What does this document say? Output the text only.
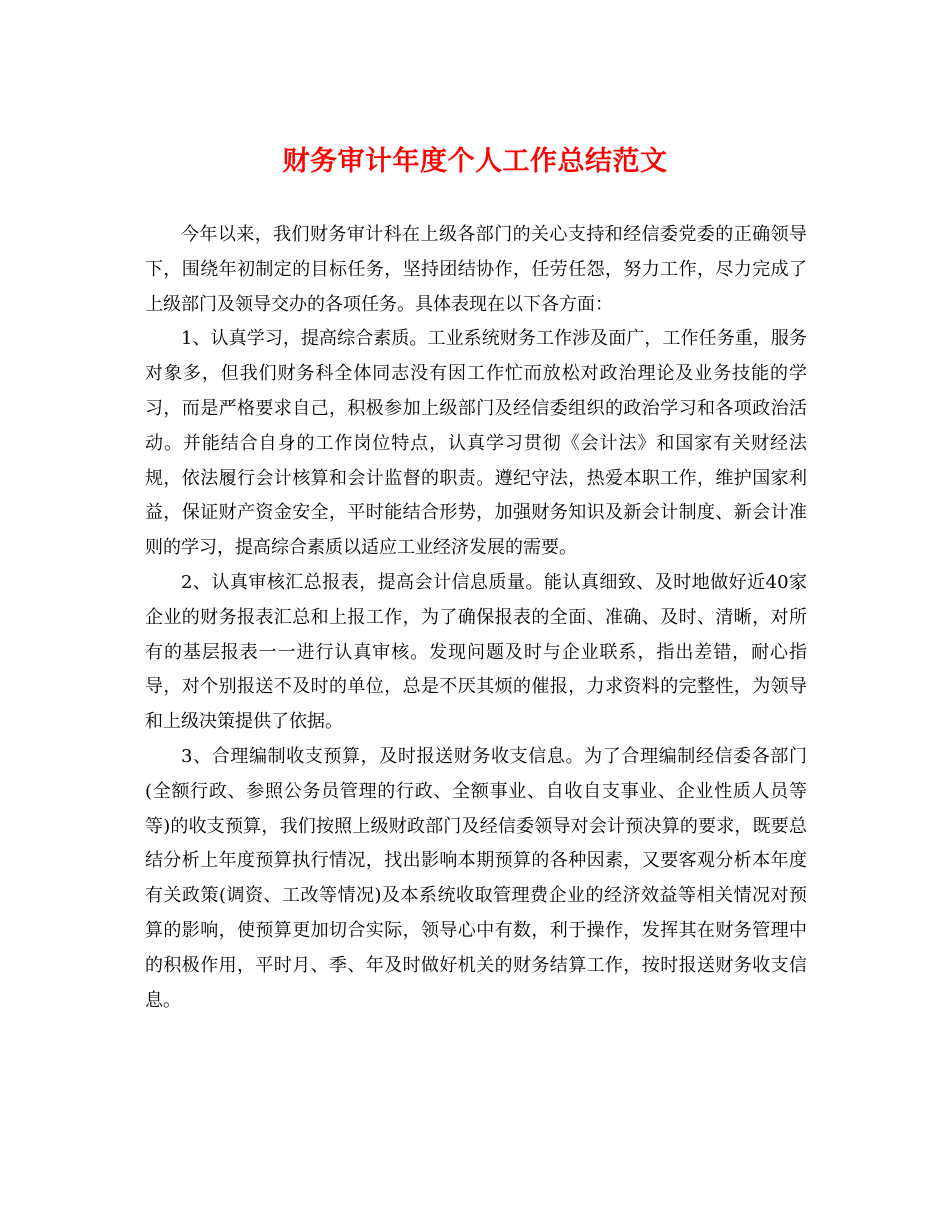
财务审计年度个人工作总结范文

今年以来，我们财务审计科在上级各部门的关心支持和经信委党委的正确领导下，围绕年初制定的目标任务，坚持团结协作，任劳任怨，努力工作，尽力完成了上级部门及领导交办的各项任务。具体表现在以下各方面：

1、认真学习，提高综合素质。工业系统财务工作涉及面广，工作任务重，服务对象多，但我们财务科全体同志没有因工作忙而放松对政治理论及业务技能的学习，而是严格要求自己，积极参加上级部门及经信委组织的政治学习和各项政治活动。并能结合自身的工作岗位特点，认真学习贯彻《会计法》和国家有关财经法规，依法履行会计核算和会计监督的职责。遵纪守法，热爱本职工作，维护国家利益，保证财产资金安全，平时能结合形势，加强财务知识及新会计制度、新会计准则的学习，提高综合素质以适应工业经济发展的需要。

2、认真审核汇总报表，提高会计信息质量。能认真细致、及时地做好近40家企业的财务报表汇总和上报工作，为了确保报表的全面、准确、及时、清晰，对所有的基层报表一一进行认真审核。发现问题及时与企业联系，指出差错，耐心指导，对个别报送不及时的单位，总是不厌其烦的催报，力求资料的完整性，为领导和上级决策提供了依据。

3、合理编制收支预算，及时报送财务收支信息。为了合理编制经信委各部门(全额行政、参照公务员管理的行政、全额事业、自收自支事业、企业性质人员等等)的收支预算，我们按照上级财政部门及经信委领导对会计预决算的要求，既要总结分析上年度预算执行情况，找出影响本期预算的各种因素，又要客观分析本年度有关政策(调资、工改等情况)及本系统收取管理费企业的经济效益等相关情况对预算的影响，使预算更加切合实际，领导心中有数，利于操作，发挥其在财务管理中的积极作用，平时月、季、年及时做好机关的财务结算工作，按时报送财务收支信息。
